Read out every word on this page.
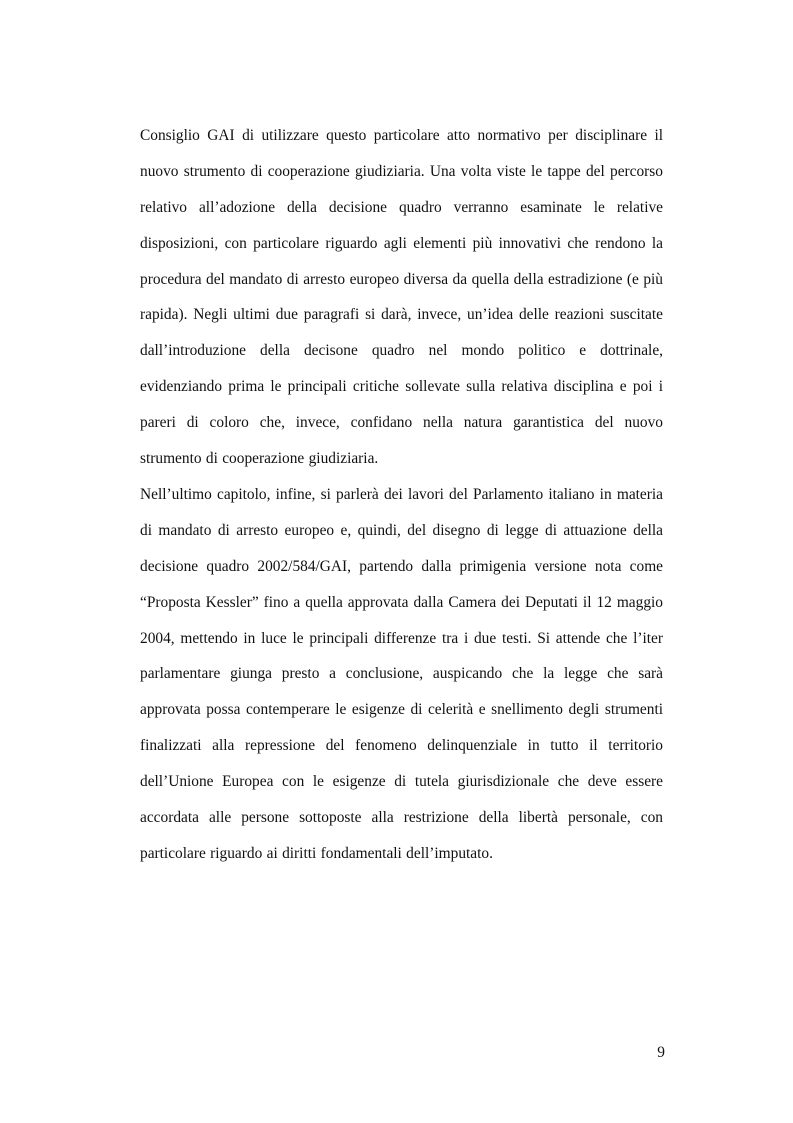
Consiglio GAI di utilizzare questo particolare atto normativo per disciplinare il
nuovo strumento di cooperazione giudiziaria. Una volta viste le tappe del percorso
relativo all’adozione della decisione quadro verranno esaminate le relative
disposizioni, con particolare riguardo agli elementi più innovativi che rendono la
procedura del mandato di arresto europeo diversa da quella della estradizione (e più
rapida). Negli ultimi due paragrafi si darà, invece, un’idea delle reazioni suscitate
dall’introduzione della decisone quadro nel mondo politico e dottrinale,
evidenziando prima le principali critiche sollevate sulla relativa disciplina e poi i
pareri di coloro che, invece, confidano nella natura garantistica del nuovo
strumento di cooperazione giudiziaria.
Nell’ultimo capitolo, infine, si parlerà dei lavori del Parlamento italiano in materia
di mandato di arresto europeo e, quindi, del disegno di legge di attuazione della
decisione quadro 2002/584/GAI, partendo dalla primigenia versione nota come
“Proposta Kessler” fino a quella approvata dalla Camera dei Deputati il 12 maggio
2004, mettendo in luce le principali differenze tra i due testi. Si attende che l’iter
parlamentare giunga presto a conclusione, auspicando che la legge che sarà
approvata possa contemperare le esigenze di celerità e snellimento degli strumenti
finalizzati alla repressione del fenomeno delinquenziale in tutto il territorio
dell’Unione Europea con le esigenze di tutela giurisdizionale che deve essere
accordata alle persone sottoposte alla restrizione della libertà personale, con
particolare riguardo ai diritti fondamentali dell’imputato.
9
